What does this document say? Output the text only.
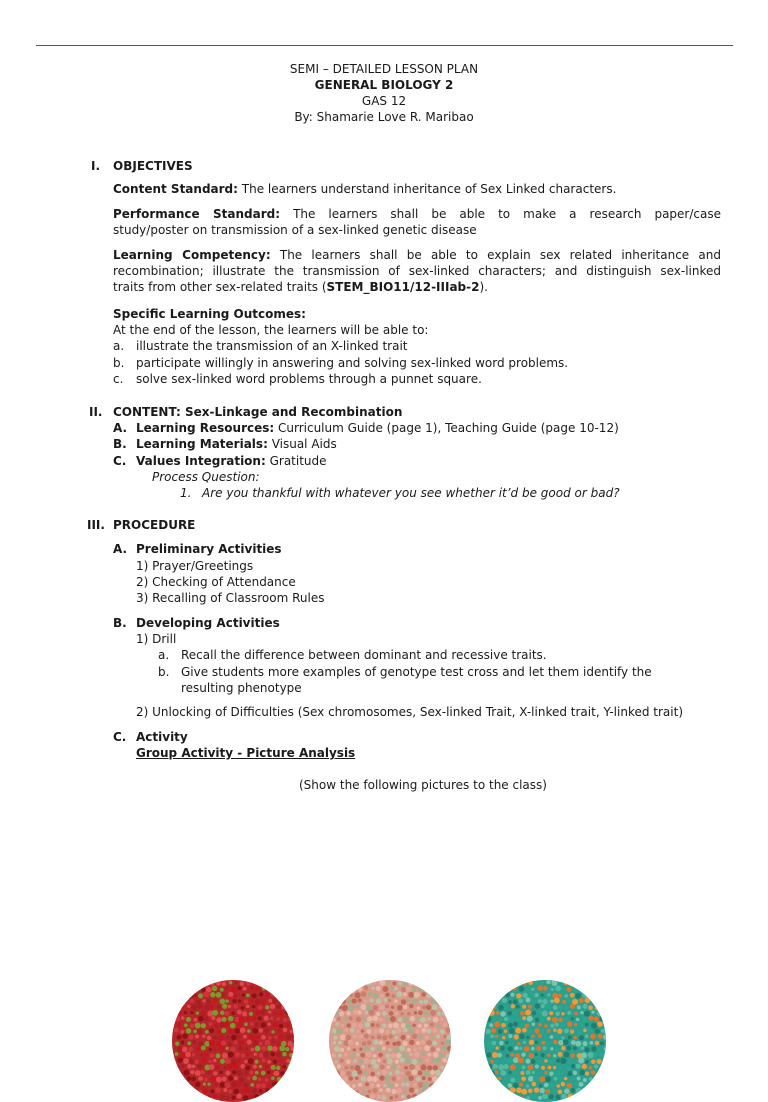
SEMI – DETAILED LESSON PLAN
GENERAL BIOLOGY 2
GAS 12
By: Shamarie Love R. Maribao
I. OBJECTIVES
Content Standard: The learners understand inheritance of Sex Linked characters.
Performance Standard: The learners shall be able to make a research paper/case
study/poster on transmission of a sex-linked genetic disease
Learning Competency: The learners shall be able to explain sex related inheritance and
recombination; illustrate the transmission of sex-linked characters; and distinguish sex-linked
traits from other sex-related traits (STEM_BIO11/12-IIIab-2).
Specific Learning Outcomes:
At the end of the lesson, the learners will be able to:
a. illustrate the transmission of an X-linked trait
b. participate willingly in answering and solving sex-linked word problems.
c. solve sex-linked word problems through a punnet square.
II. CONTENT: Sex-Linkage and Recombination
A. Learning Resources: Curriculum Guide (page 1), Teaching Guide (page 10-12)
B. Learning Materials: Visual Aids
C. Values Integration: Gratitude
Process Question:
1. Are you thankful with whatever you see whether it’d be good or bad?
III. PROCEDURE
A. Preliminary Activities
1) Prayer/Greetings
2) Checking of Attendance
3) Recalling of Classroom Rules
B. Developing Activities
1) Drill
a. Recall the difference between dominant and recessive traits.
b. Give students more examples of genotype test cross and let them identify the
resulting phenotype
2) Unlocking of Difficulties (Sex chromosomes, Sex-linked Trait, X-linked trait, Y-linked trait)
C. Activity
Group Activity - Picture Analysis
(Show the following pictures to the class)
